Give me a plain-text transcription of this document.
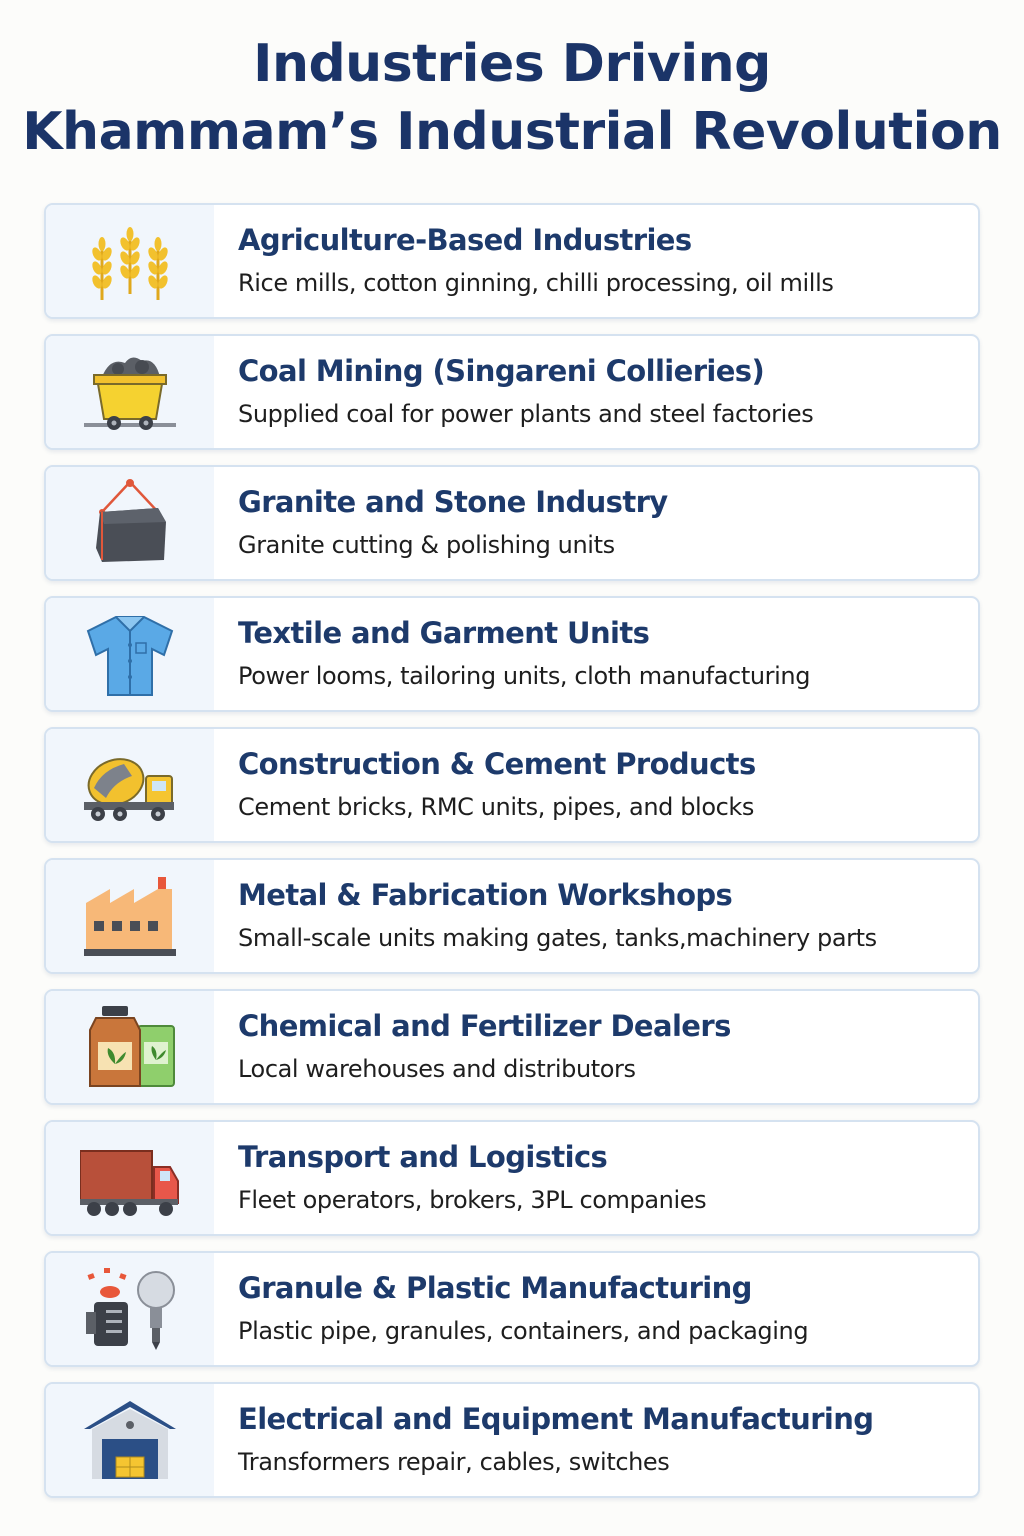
Industries Driving
Khammam’s Industrial Revolution
Agriculture-Based Industries

Rice mills, cotton ginning, chilli processing, oil mills

Coal Mining (Singareni Collieries)

Supplied coal for power plants and steel factories

Granite and Stone Industry

Granite cutting & polishing units

Textile and Garment Units

Power looms, tailoring units, cloth manufacturing

Construction & Cement Products

Cement bricks, RMC units, pipes, and blocks

Metal & Fabrication Workshops

Small-scale units making gates, tanks,machinery parts

Chemical and Fertilizer Dealers

Local warehouses and distributors

Transport and Logistics

Fleet operators, brokers, 3PL companies

Granule & Plastic Manufacturing

Plastic pipe, granules, containers, and packaging

Electrical and Equipment Manufacturing

Transformers repair, cables, switches
